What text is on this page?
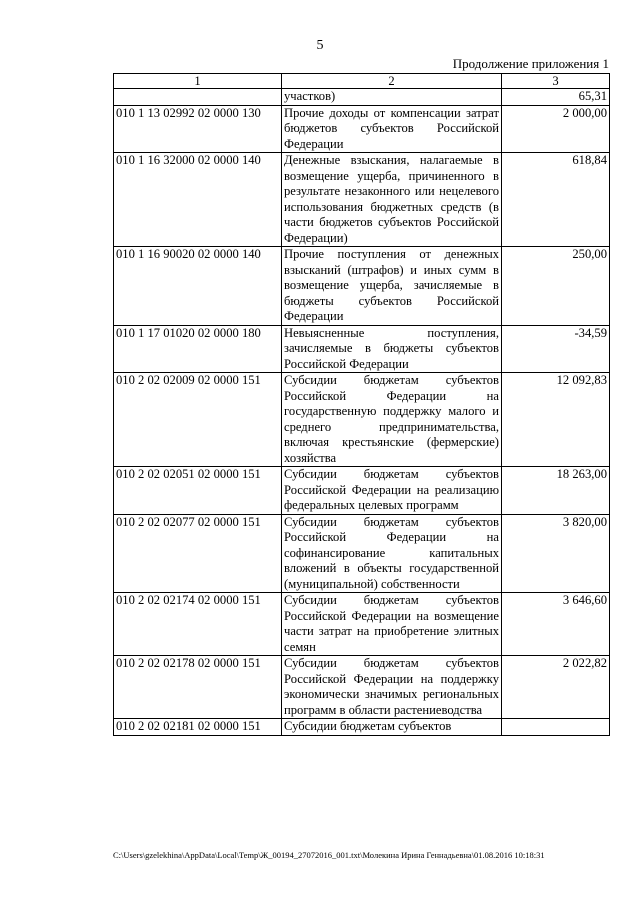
5
Продолжение приложения 1
1	2	3
	участков)	65,31
010 1 13 02992 02 0000 130	Прочие доходы от компенсации затрат бюджетов субъектов Российской Федерации	2 000,00
010 1 16 32000 02 0000 140	Денежные взыскания, налагаемые в возмещение ущерба, причиненного в результате незаконного или нецелевого использования бюджетных средств (в части бюджетов субъектов Российской Федерации)	618,84
010 1 16 90020 02 0000 140	Прочие поступления от денежных взысканий (штрафов) и иных сумм в возмещение ущерба, зачисляемые в бюджеты субъектов Российской Федерации	250,00
010 1 17 01020 02 0000 180	Невыясненные поступления, зачисляемые в бюджеты субъектов Российской Федерации	-34,59
010 2 02 02009 02 0000 151	Субсидии бюджетам субъектов Российской Федерации на государственную поддержку малого и среднего предпринимательства, включая крестьянские (фермерские) хозяйства	12 092,83
010 2 02 02051 02 0000 151	Субсидии бюджетам субъектов Российской Федерации на реализацию федеральных целевых программ	18 263,00
010 2 02 02077 02 0000 151	Субсидии бюджетам субъектов Российской Федерации на софинансирование капитальных вложений в объекты государственной (муниципальной) собственности	3 820,00
010 2 02 02174 02 0000 151	Субсидии бюджетам субъектов Российской Федерации на возмещение части затрат на приобретение элитных семян	3 646,60
010 2 02 02178 02 0000 151	Субсидии бюджетам субъектов Российской Федерации на поддержку экономически значимых региональных программ в области растениеводства	2 022,82
010 2 02 02181 02 0000 151	Субсидии бюджетам субъектов	
C:\Users\gzelekhina\AppData\Local\Temp\Ж_00194_27072016_001.txt\Молекина Ирина Геннадьевна\01.08.2016 10:18:31
